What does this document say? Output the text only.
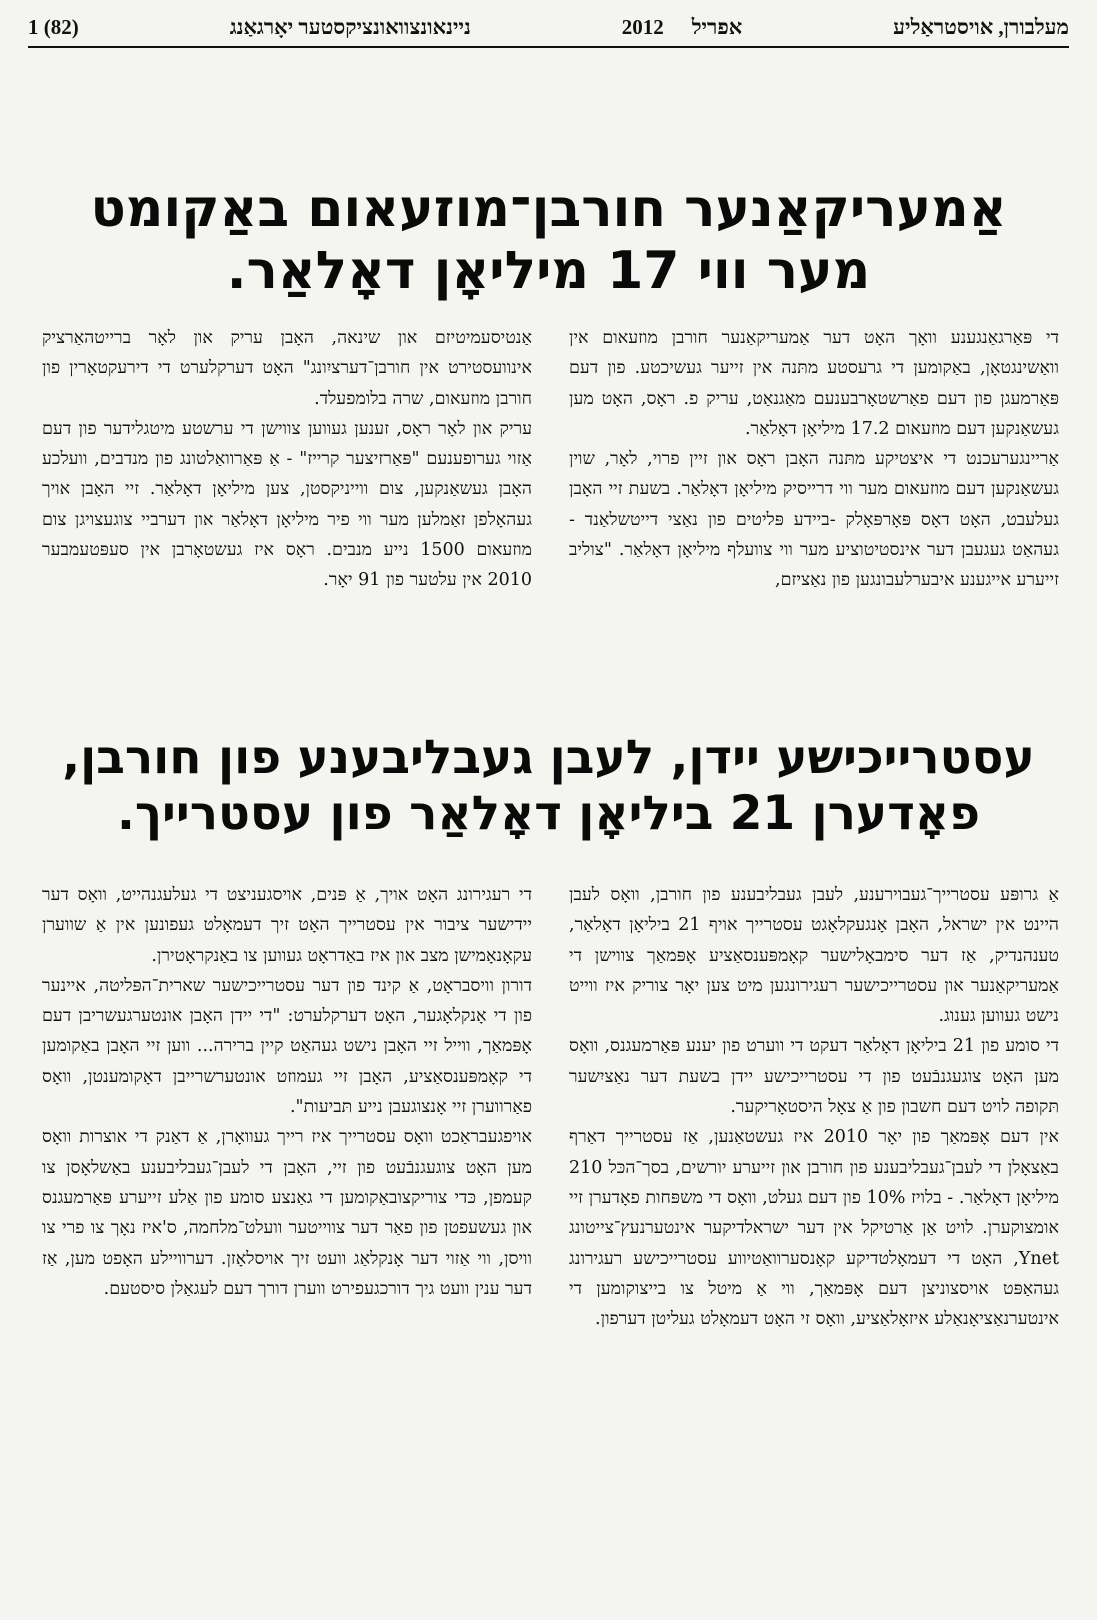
מעלבורן, אויסטראַליע
אפריל
2012
ניינאונצוואונציקסטער יאָרגאַנג
1 (82)
אַמעריקאַנער חורבן־מוזעאום באַקומט מער ווי 17 מיליאָן דאָלאַר.

די פּאַרגאַנגענע וואָך האָט דער אַמעריקאַנער חורבן מוזעאום אין וואַשינגטאָן, באַקומען די גרעסטע מתּנה אין זייער געשיכטע. פון דעם פּאַרמעגן פון דעם פאַרשטאָרבענעם מאַגנאַט, עריק פ. ראָס, האָט מען געשאַנקען דעם מוזעאום 17.2 מיליאָן דאָלאַר.

אַריינגערעכנט די איצטיקע מתּנה האָבן ראָס און זיין פרוי, לאָר, שוין געשאַנקען דעם מוזעאום מער ווי דרייסיק מיליאָן דאָלאַר. בשעת זיי האָבן געלעבט, האָט דאָס פּאָרפּאָלק -ביידע פּליטים פון נאַצי דייטשלאַנד - געהאַט געגעבן דער אינסטיטוציע מער ווי צוועלף מיליאָן דאָלאַר. "צוליב זייערע אייגענע איבערלעבונגען פון נאַציזם,

אַנטיסעמיטיזם און שינאה, האָבן עריק און לאָר ברייטהאַרציק אינוועסטירט אין חורבן־דערציִונג" האָט דערקלערט די דירעקטאָרין פון חורבן מוזעאום, שרה בלומפעלד.

עריק און לאָר ראָס, זענען געווען צווישן די ערשטע מיטגלידער פון דעם אַזוי גערופענעם "פּאַרזיצער קרייז" - אַ פּאַרוואַלטונג פון מנדבים, וועלכע האָבן געשאַנקען, צום ווייניקסטן, צען מיליאָן דאָלאַר. זיי האָבן אויך געהאָלפן זאַמלען מער ווי פיר מיליאָן דאָלאַר און דערביי צוגעצויגן צום מוזעאום 1500 נייע מנבים. ראָס איז געשטאָרבן אין סעפּטעמבער 2010 אין עלטער פון 91 יאָר.

עסטרייכישע יידן, לעבן געבליבענע פון חורבן, פאָדערן 21 ביליאָן דאָלאַר פון עסטרייך.

אַ גרופּע עסטרייך־געבוירענע, לעבן געבליבענע פון חורבן, וואָס לעבן היינט אין ישראל, האָבן אָנגעקלאָגט עסטרייך אויף 21 ביליאָן דאָלאַר, טענהנדיק, אַז דער סימבאָלישער קאָמפּענסאַציע אָפּמאַך צווישן די אַמעריקאַנער און עסטרייכישער רעגירונגען מיט צען יאָר צוריק איז ווייט נישט געווען גענוג.

די סומע פון 21 ביליאָן דאָלאַר דעקט די ווערט פון יענע פּאַרמעגנס, וואָס מען האָט צוגעגנבֿעט פון די עסטרייכישע יידן בשעת דער נאַציִשער תּקופה לויט דעם חשבון פון אַ צאָל היסטאָריקער.

אין דעם אָפּמאַך פון יאָר 2010 איז געשטאַנען, אַז עסטרייך דאַרף באַצאָלן די לעבן־געבליבענע פון חורבן און זייערע יורשים, בסך־הכּל 210 מיליאָן דאָלאַר. - בלויז 10% פון דעם געלט, וואָס די משפּחות פאָדערן זיי אומצוקערן. לויט אַן אַרטיקל אין דער ישראלדיקער אינטערנעץ־צייטונג Ynet, האָט די דעמאָלטדיקע קאָנסערוואַטיווע עסטרייכישע רעגירונג געהאַפּט אויסצוניצן דעם אָפּמאַך, ווי אַ מיטל צו בייצוקומען די אינטערנאַציאָנאַלע איזאָלאַציע, וואָס זי האָט דעמאָלט געליטן דערפון.

די רעגירונג האָט אויך, אַ פּנים, אויסגעניצט די געלעגנהייט, וואָס דער יידישער ציבור אין עסטרייך האָט זיך דעמאָלט געפונען אין אַ שווערן עקאָנאָמישן מצב און איז באַדראָט געווען צו באַנקראָטירן.

דורון וויסבראָט, אַ קינד פון דער עסטרייכישער שארית־הפּליטה, איינער פון די אָנקלאָגער, האָט דערקלערט: "די יידן האָבן אונטערגעשריבן דעם אָפּמאַך, ווייל זיי האָבן נישט געהאַט קיין ברירה... ווען זיי האָבן באַקומען די קאָמפּענסאַציע, האָבן זיי געמוזט אונטערשרייבן דאָקומענטן, וואָס פאַרווערן זיי אָנצוגעבן נייע תּביעות".

אויפגעבראַכט וואָס עסטרייך איז רייך געוואָרן, אַ דאַנק די אוצרות וואָס מען האָט צוגעגנבֿעט פון זיי, האָבן די לעבן־געבליבענע באַשלאָסן צו קעמפן, כּדי צוריקצובאַקומען די גאַנצע סומע פון אַלע זייערע פּאַרמעגנס און געשעפטן פון פאַר דער צווייטער וועלט־מלחמה, ס'איז נאָך צו פרי צו וויסן, ווי אַזוי דער אָנקלאַג וועט זיך אויסלאָזן. דערוויילע האָפט מען, אַז דער ענין וועט גיך דורכגעפירט ווערן דורך דעם לעגאַלן סיסטעם.
